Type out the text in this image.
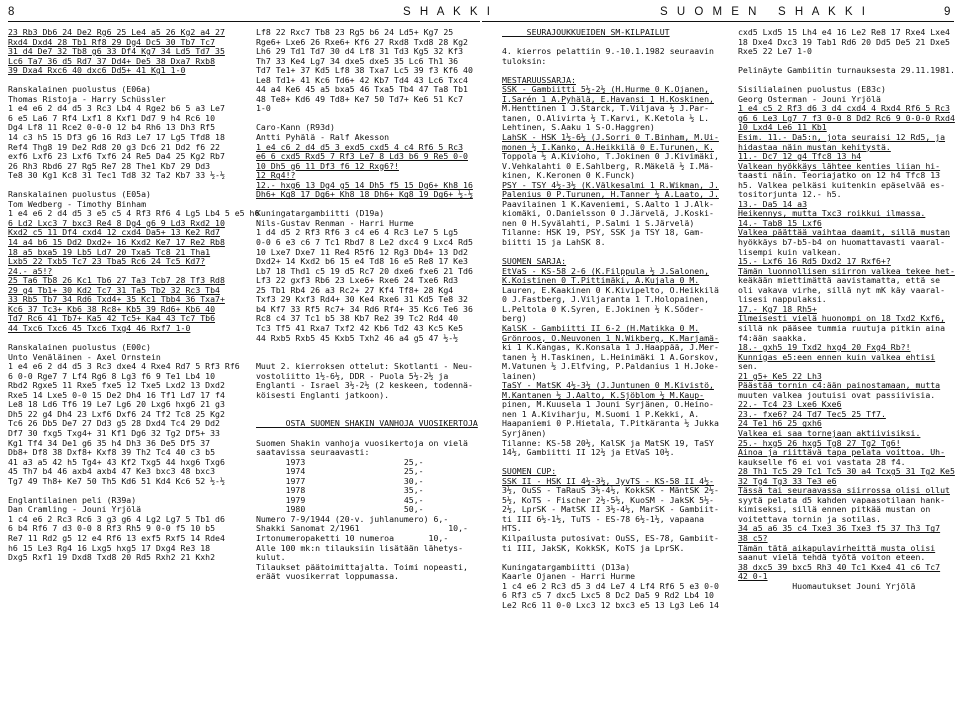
8	S H A K K I	S U O M E N   S H A K K I	9
23 Rb3 Db6 24 De2 Rg6 25 Le4 a5 26 Kg2 a4 27
Rxd4 Dxd4 28 Tb1 Rf8 29 Dg4 Dc5 30 Tb7 Tc7
31 d4 De7 32 Tb8 g6 33 Df4 Kg7 34 Ld5 Td7 35
Lc6 Ta7 36 d5 Rd7 37 Dd4+ De5 38 Dxa7 Rxb8
39 Dxa4 Rxc6 40 dxc6 Dd5+ 41 Kg1 1-0
Ranskalainen puolustus (E06a)
Thomas Ristoja - Harry Schüssler
1 e4 e6 2 d4 d5 3 Rc3 Lb4 4 Rge2 b6 5 a3 Le7
6 e5 La6 7 Rf4 Lxf1 8 Kxf1 Dd7 9 h4 Rc6 10
Dg4 Lf8 11 Rce2 0-0-0 12 b4 Rh6 13 Dh3 Rf5
14 c3 h5 15 Df3 g6 16 Rd3 Le7 17 Lg5 Tfd8 18
Ref4 Thg8 19 De2 Rd8 20 g3 Dc6 21 Dd2 f6 22
exf6 Lxf6 23 Lxf6 Txf6 24 Re5 Da4 25 Kg2 Rb7
26 Rh3 Rbd6 27 Rg5 Re7 28 The1 Kb7 29 Dd3
Te8 30 Kg1 Kc8 31 Tec1 Td8 32 Ta2 Kb7 33 ½-½
Ranskalainen puolustus (E05a)
Tom Wedberg - Timothy Binham
1 e4 e6 2 d4 d5 3 e5 c5 4 Rf3 Rf6 4 Lg5 Lb4 5 e5 h6
6 Ld2 Lxc3 7 bxc3 Re4 8 Dg4 g6 9 Ld3 Rxd2 10
Kxd2 c5 11 Df4 cxd4 12 cxd4 Da5+ 13 Ke2 Rd7
14 a4 b6 15 Dd2 Dxd2+ 16 Kxd2 Ke7 17 Re2 Rb8
18 a5 bxa5 19 Lb5 Ld7 20 Txa5 Tc8 21 Tha1
Lxb5 22 Txb5 Tc7 23 Tba5 Rc6 24 Tc5 Kd7?
24.- a5!?
25 Ta6 Tb8 26 Kc1 Tb6 27 Ta3 Tcb7 28 Tf3 Rd8
29 g4 Tb1+ 30 Kd2 Tc7 31 Ta5 Tb2 32 Rc3 Tb4
33 Rb5 Tb7 34 Rd6 Txd4+ 35 Kc1 Tbb4 36 Txa7+
Kc6 37 Tc3+ Kb6 38 Rc8+ Kb5 39 Rd6+ Kb6 40
Td7 Rc6 41 Tb7+ Ka5 42 Tc5+ Ka4 43 Tc7 Tb6
44 Txc6 Txc6 45 Txc6 Txg4 46 Rxf7 1-0
Ranskalainen puolustus (E00c)
Unto Venäläinen - Axel Ornstein
1 e4 e6 2 d4 d5 3 Rc3 dxe4 4 Rxe4 Rd7 5 Rf3 Rf6
6 0-0 Rge7 7 Lf4 Rg6 8 Lg3 f6 9 Te1 Lb4 10
Rbd2 Rgxe5 11 Rxe5 fxe5 12 Txe5 Lxd2 13 Dxd2
Rxe5 14 Lxe5 0-0 15 De2 Dh4 16 Tf1 Ld7 17 f4
Le8 18 Ld6 Tf6 19 Le7 Lg6 20 Lxg6 hxg6 21 g3
Dh5 22 g4 Dh4 23 Lxf6 Dxf6 24 Tf2 Tc8 25 Kg2
Tc6 26 Db5 De7 27 Dd3 g5 28 Dxd4 Tc4 29 Dd2
Df7 30 fxg5 Txg4+ 31 Kf1 Dg6 32 Tg2 Df5+ 33
Kg1 Tf4 34 De1 g6 35 h4 Dh3 36 De5 Df5 37
Db8+ Df8 38 Dxf8+ Kxf8 39 Th2 Tc4 40 c3 b5
41 a3 a5 42 h5 Tg4+ 43 Kf2 Txg5 44 hxg6 Txg6
45 Th7 b4 46 axb4 axb4 47 Ke3 bxc3 48 bxc3
Tg7 49 Th8+ Ke7 50 Th5 Kd6 51 Kd4 Kc6 52 ½-½
Englantilainen peli (R39a)
Dan Cramling - Jouni Yrjölä
1 c4 e6 2 Rc3 Rc6 3 g3 g6 4 Lg2 Lg7 5 Tb1 d6
6 b4 Rf6 7 d3 0-0 8 Rf3 Rh5 9 0-0 f5 10 b5
Re7 11 Rd2 g5 12 e4 Rf6 13 exf5 Rxf5 14 Rde4
h6 15 Le3 Rg4 16 Lxg5 hxg5 17 Dxg4 Re3 18
Dxg5 Rxf1 19 Dxd8 Txd8 20 Rd5 Rxh2 21 Kxh2
Lf8 22 Rxc7 Tb8 23 Rg5 b6 24 Ld5+ Kg7 25
Rge6+ Lxe6 26 Rxe6+ Kf6 27 Rxd8 Txd8 28 Kg2
Lh6 29 Td1 Td7 30 d4 Lf8 31 Td3 Kg5 32 Kf3
Th7 33 Ke4 Lg7 34 dxe5 dxe5 35 Lc6 Th1 36
Td7 Te1+ 37 Kd5 Lf8 38 Txa7 Lc5 39 f3 Kf6 40
Le8 Td1+ 41 Kc6 Td6+ 42 Kb7 Td4 43 Lc6 Txc4
44 a4 Ke6 45 a5 bxa5 46 Txa5 Tb4 47 Ta8 Tb1
48 Te8+ Kd6 49 Td8+ Ke7 50 Td7+ Ke6 51 Kc7
1-0
Caro-Kann (R93d)
Antti Pyhälä - Ralf Akesson
1 e4 c6 2 d4 d5 3 exd5 cxd5 4 c4 Rf6 5 Rc3
e6 6 cxd5 Rxd5 7 Rf3 Le7 8 Ld3 b6 9 Re5 0-0
10 Dh5 g6 11 Df3 f6 12 Rxg6?!
12 Rg4!?
12.- hxg6 13 Dg4 g5 14 Dh5 f5 15 Dg6+ Kh8 16
Dh6+ Kg8 17 Dg6+ Kh8 18 Dh6+ Kg8 19 Dg6+ ½-½
Kuningatargambiitti (D19a)
Nils-Gustav Renman - Harri Hurme
1 d4 d5 2 Rf3 Rf6 3 c4 e6 4 Rc3 Le7 5 Lg5
0-0 6 e3 c6 7 Tc1 Rbd7 8 Le2 dxc4 9 Lxc4 Rd5
10 Lxe7 Dxe7 11 Re4 R5f6 12 Rg3 Db4+ 13 Dd2
Dxd2+ 14 Kxd2 b6 15 e4 Td8 16 e5 Re8 17 Ke3
Lb7 18 Thd1 c5 19 d5 Rc7 20 dxe6 fxe6 21 Td6
Lf3 22 gxf3 Rb6 23 Lxe6+ Rxe6 24 Txe6 Rd3
25 Tb1 Rb4 26 a3 Rc2+ 27 Kf4 Tf8+ 28 Kg4
Txf3 29 Kxf3 Rd4+ 30 Ke4 Rxe6 31 Kd5 Te8 32
b4 Kf7 33 Rf5 Rc7+ 34 Rd6 Rf4+ 35 Kc6 Te6 36
Rc8 c4 37 Tc1 b5 38 Kb7 Re2 39 Tc2 Rd4 40
Tc3 Tf5 41 Rxa7 Txf2 42 Kb6 Td2 43 Kc5 Ke5
44 Rxb5 Rxb5 45 Kxb5 Txh2 46 a4 g5 47 ½-½
Muut 2. kierroksen ottelut: Skotlanti - Neu-
vostoliitto 1½-6½, DDR - Puola 5½-2½ ja
Englanti - Israel 3½-2½ (2 keskeen, todennä-
köisesti Englanti jatkoon).
OSTA SUOMEN SHAKIN VANHOJA VUOSIKERTOJA
Suomen Shakin vanhoja vuosikertoja on vielä
saatavissa seuraavasti:
1973                    25,-
1974                    25,-
1977                    30,-
1978                    35,-
1979                    45,-
1980                    50,-
Numero 7-9/1944 (20-v. juhlanumero) 6,-
Shakki Sanomat 2/1961                  10,-
Irtonumeropaketti 10 numeroa       10,-
Alle 100 mk:n tilauksiin lisätään lähetys-
kulut.
Tilaukset päätoimittajalta. Toimi nopeasti,
eräät vuosikerrat loppumassa.
SEURAJOUKKUEIDEN SM-KILPAILUT
4. kierros pelattiin 9.-10.1.1982 seuraavin
tuloksin:
MESTARUUSSARJA:
SSK - Gambiitti 5½-2½ (H.Hurme 0 K.Ojanen,
I.Sarén 1 A.Pyhälä, E.Havansi 1 H.Koskinen,
M.Henttinen 1 J.Starck, T.Viljava ½ J.Par-
tanen, O.Alivirta ½ T.Karvi, K.Ketola ½ L.
Lehtinen, S.Aaku 1 S-O.Haggren)
LahSK - HSK 1½-6½ (J.Sorri 0 T.Binham, M.Ui-
monen ½ I.Kanko, A.Heikkilä 0 E.Turunen, K.
Toppola ½ A.Kivioho, T.Jokinen 0 J.Kivimäki,
V.Vehkalahti 0 E.Sahlberg, R.Mäkelä ½ I.Mä-
kinen, K.Keronen 0 K.Funck)
PSY - TSY 4½-3½ (K.Välkesalmi 1 R.Wikman, J.
Palenius 0 P.Turunen, H.Tanner ½ A.Laato, J.
Paavilainen 1 K.Kaveniemi, S.Aalto 1 J.Alk-
kiomäki, O.Danielsson 0 J.Järvelä, J.Koski-
nen 0 H.Syvälahti, P.Salmi 1 S.Järvelä)
Tilanne: HSK 19, PSY, SSK ja TSY 18, Gam-
biitti 15 ja LahSK 8.
SUOMEN SARJA:
EtVaS - KS-58 2-6 (K.Filppula ½ J.Salonen,
K.Koistinen 0 T.Pittimäki, A.Kujala 0 M.
Lauren, E.Kaakinen 0 K.Kivipelto, O.Heikkilä
0 J.Fastberg, J.Viljaranta 1 T.Holopainen,
L.Peltola 0 K.Syren, E.Jokinen ½ K.Söder-
berg)
KalSK - Gambiitti II 6-2 (H.Matikka 0 M.
Grönroos, O.Neuvonen 1 N.Wikberg, K.Marjamä-
ki 1 K.Kangas, K.Konsala 1 J.Haappää, J.Mer-
tanen ½ H.Taskinen, L.Heinimäki 1 A.Gorskov,
M.Vatunen ½ J.Elfving, P.Paldanius 1 H.Joke-
lainen)
TaSY - MatSK 4½-3½ (J.Juntunen 0 M.Kivistö,
M.Kantanen ½ J.Aalto, K.Sjöblom ½ M.Kaup-
pinen, M.Kuusela 1 Jouni Syrjänen, O.Heino-
nen 1 A.Kiviharju, M.Suomi 1 P.Kekki, A.
Haapaniemi 0 P.Hietala, T.Pitkäranta ½ Jukka
Syrjänen)
Tilanne: KS-58 20½, KalSK ja MatSK 19, TaSY
14½, Gambiitti II 12½ ja EtVaS 10½.
SUOMEN CUP:
SSK II - HSK II 4½-3½, JyvTS - KS-58 II 4½-
3½, OuSS - TaRauS 3½-4½, KokkSK - MäntSK 2½-
5½, KoTS - Fischer 2½-5½, KuoSM - JakSK 5½-
2½, LprSK - MatSK II 3½-4½, MarSK - Gambiit-
ti III 6½-1½, TuTS - ES-78 6½-1½, vapaana
HTS.
Kilpailusta putosivat: OuSS, ES-78, Gambiit-
ti III, JakSK, KokkSK, KoTS ja LprSK.
Kuningatargambiitti (D13a)
Kaarle Ojanen - Harri Hurme
1 c4 e6 2 Rc3 d5 3 d4 Le7 4 Lf4 Rf6 5 e3 0-0
6 Rf3 c5 7 dxc5 Lxc5 8 Dc2 Da5 9 Rd2 Lb4 10
Le2 Rc6 11 0-0 Lxc3 12 bxc3 e5 13 Lg3 Le6 14
cxd5 Lxd5 15 Lh4 e4 16 Le2 Re8 17 Rxe4 Lxe4
18 Dxe4 Dxc3 19 Tab1 Rd6 20 Dd5 De5 21 Dxe5
Rxe5 22 Le7 1-0
Pelinäyte Gambiitin turnauksesta 29.11.1981.
Sisilialainen puolustus (E83c)
Georg Osterman - Jouni Yrjölä
1 e4 c5 2 Rf3 d6 3 d4 cxd4 4 Rxd4 Rf6 5 Rc3
g6 6 Le3 Lg7 7 f3 0-0 8 Dd2 Rc6 9 0-0-0 Rxd4
10 Lxd4 Le6 11 Kb1
Esim. 11.- Da5:n, jota seuraisi 12 Rd5, ja
hidastaa näin mustan kehitystä.
11.- Dc7 12 g4 Tfc8 13 h4
Valkean hyökkäys lähtee kenties liian hi-
taasti näin. Teoriajatko on 12 h4 Tfc8 13
h5. Valkea pelkäsi kuitenkin epäselvää es-
tositorjunta 12.- h5.
13.- Da5 14 a3
Heikennys, mutta Txc3 roikkui ilmassa.
14.- Tab8 15 Lxf6
Valkea päättää vaihtaa daamit, sillä mustan
hyökkäys b7-b5-b4 on huomattavasti vaaral-
lisempi kuin valkean.
15.- Lxf6 16 Rd5 Dxd2 17 Rxf6+?
Tämän luonnollisen siirron valkea tekee het-
keäkään miettimättä aavistamatta, että se
oli vakava virhe, sillä nyt mK käy vaaral-
lisesi nappulaksi.
17.- Kg7 18 Rh5+
Ilmeisesti vielä huonompi on 18 Txd2 Kxf6,
sillä nk pääsee tummia ruutuja pitkin aina
f4:ään saakka.
18.- gxh5 19 Txd2 hxg4 20 Fxg4 Rb?!
Kunnigas e5:een ennen kuin valkea ehtisi
sen.
21 g5+ Ke5 22 Lh3
Päästää tornin c4:ään painostamaan, mutta
muuten valkea joutuisi ovat passiivisia.
22.- Tc4 23 Lxe6 Kxe6
23.- fxe6? 24 Td7 Tec5 25 Tf7.
24 Te1 h6 25 gxh6
Valkea ei saa tornejaan aktiivisiksi.
25.- hxg5 26 hxg5 Tg8 27 Tg2 Tg6!
Ainoa ja riittävä tapa pelata voittoa. Uh-
kaukselle f6 ei voi vastata 28 f4.
28 Th1 Tc5 29 Tc1 Tc5 30 a4 Tcxg5 31 Tg2 Ke5
32 Tg4 Tg3 33 Te3 e6
Tässä tai seuraavassa siirrossa olisi ollut
syytä pelata d5 kahden vapaasotilaan hank-
kimiseksi, sillä ennen pitkää mustan on
voitettava tornin ja sotilas.
34 a5 a6 35 c4 Txe3 36 Txe3 f5 37 Th3 Tg7
38 c5?
Tämän tätä aikapulavirheittä musta olisi
saanut vielä tehdä työtä voiton eteen.
38 dxc5 39 bxc5 Rh3 40 Tc1 Kxe4 41 c6 Tc7
42 0-1
Huomautukset Jouni Yrjölä
